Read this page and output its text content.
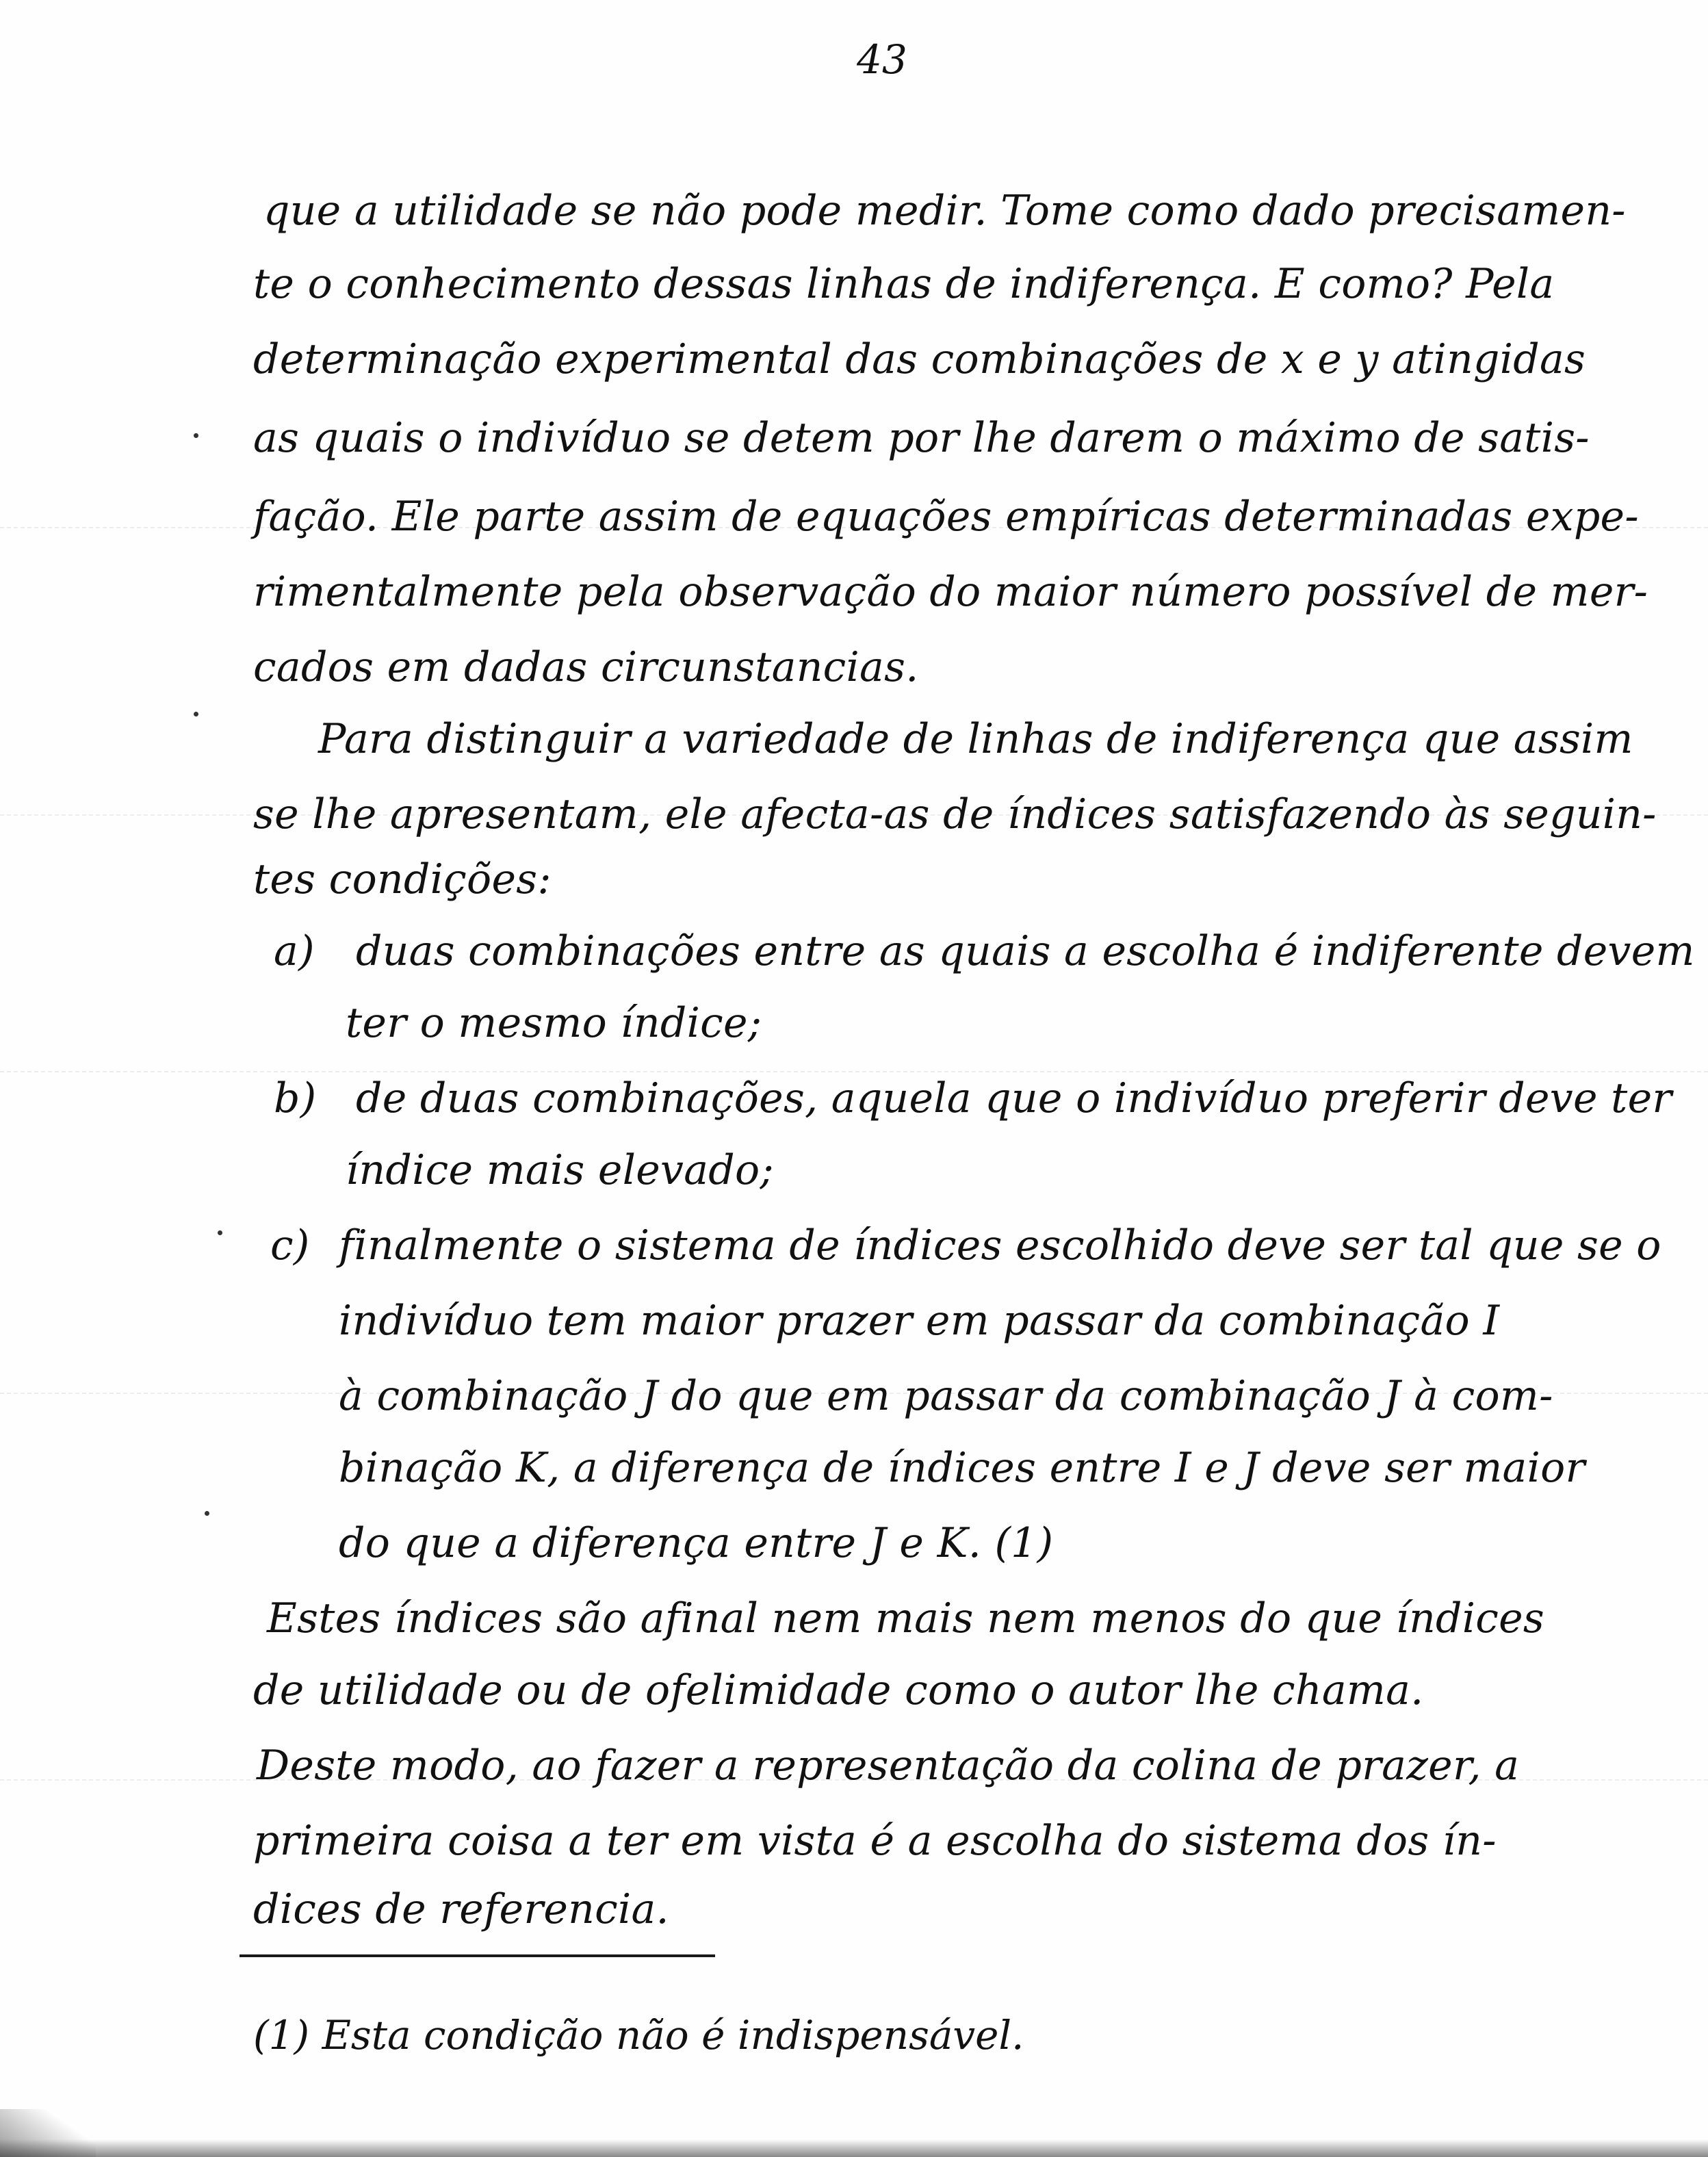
43
que a utilidade se não pode medir. Tome como dado precisamen-
te o conhecimento dessas linhas de indiferença. E como? Pela
determinação experimental das combinações de x e y atingidas
as quais o indivíduo se detem por lhe darem o máximo de satis-
fação. Ele parte assim de equações empíricas determinadas expe-
rimentalmente pela observação do maior número possível de mer-
cados em dadas circunstancias.
Para distinguir a variedade de linhas de indiferença que assim
se lhe apresentam, ele afecta-as de índices satisfazendo às seguin-
tes condições:
a) duas combinações entre as quais a escolha é indiferente devem
ter o mesmo índice;
b) de duas combinações, aquela que o indivíduo preferir deve ter
índice mais elevado;
c) finalmente o sistema de índices escolhido deve ser tal que se o
indivíduo tem maior prazer em passar da combinação I
à combinação J do que em passar da combinação J à com-
binação K, a diferença de índices entre I e J deve ser maior
do que a diferença entre J e K. (1)
Estes índices são afinal nem mais nem menos do que índices
de utilidade ou de ofelimidade como o autor lhe chama.
Deste modo, ao fazer a representação da colina de prazer, a
primeira coisa a ter em vista é a escolha do sistema dos ín-
dices de referencia.
(1) Esta condição não é indispensável.
